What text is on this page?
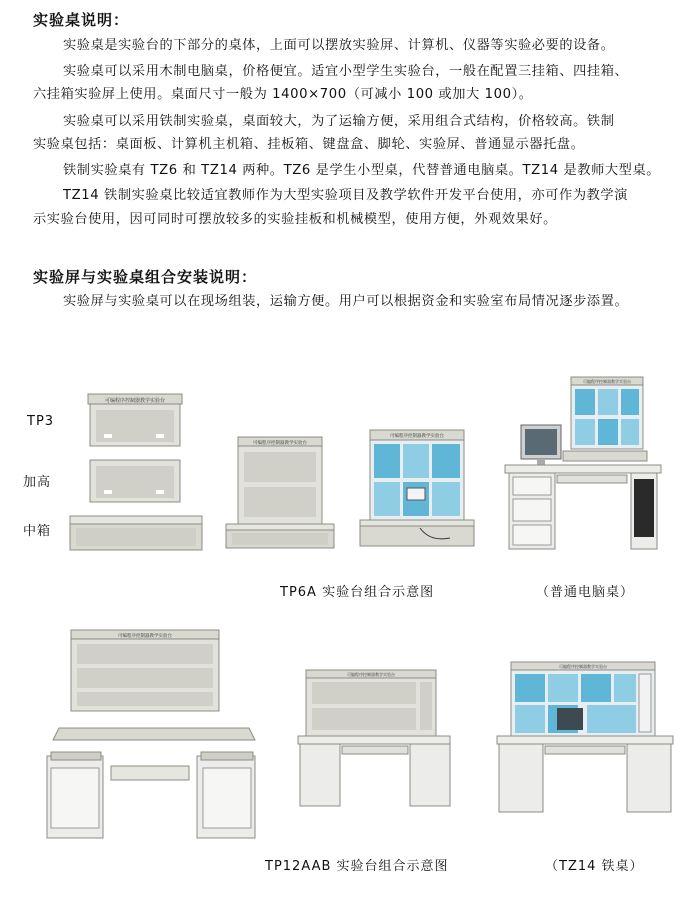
实验桌说明：
实验桌是实验台的下部分的桌体，上面可以摆放实验屏、计算机、仪器等实验必要的设备。
实验桌可以采用木制电脑桌，价格便宜。适宜小型学生实验台，一般在配置三挂箱、四挂箱、
六挂箱实验屏上使用。桌面尺寸一般为 1400×700（可减小 100 或加大 100）。
实验桌可以采用铁制实验桌，桌面较大，为了运输方便，采用组合式结构，价格较高。铁制
实验桌包括：桌面板、计算机主机箱、挂板箱、键盘盒、脚轮、实验屏、普通显示器托盘。
铁制实验桌有 TZ6 和 TZ14 两种。TZ6 是学生小型桌，代替普通电脑桌。TZ14 是教师大型桌。
TZ14 铁制实验桌比较适宜教师作为大型实验项目及教学软件开发平台使用，亦可作为教学演
示实验台使用，因可同时可摆放较多的实验挂板和机械模型，使用方便，外观效果好。
实验屏与实验桌组合安装说明：
实验屏与实验桌可以在现场组装，运输方便。用户可以根据资金和实验室布局情况逐步添置。
TP3
加高
中箱
可编程序控制器教学实验台
可编程序控制器教学实验台
可编程序控制器教学实验台
可编程序控制器教学实验台
TP6A 实验台组合示意图	（普通电脑桌）
可编程序控制器教学实验台
可编程序控制器教学实验台
可编程序控制器教学实验台
TP12AAB 实验台组合示意图	（TZ14 铁桌）
